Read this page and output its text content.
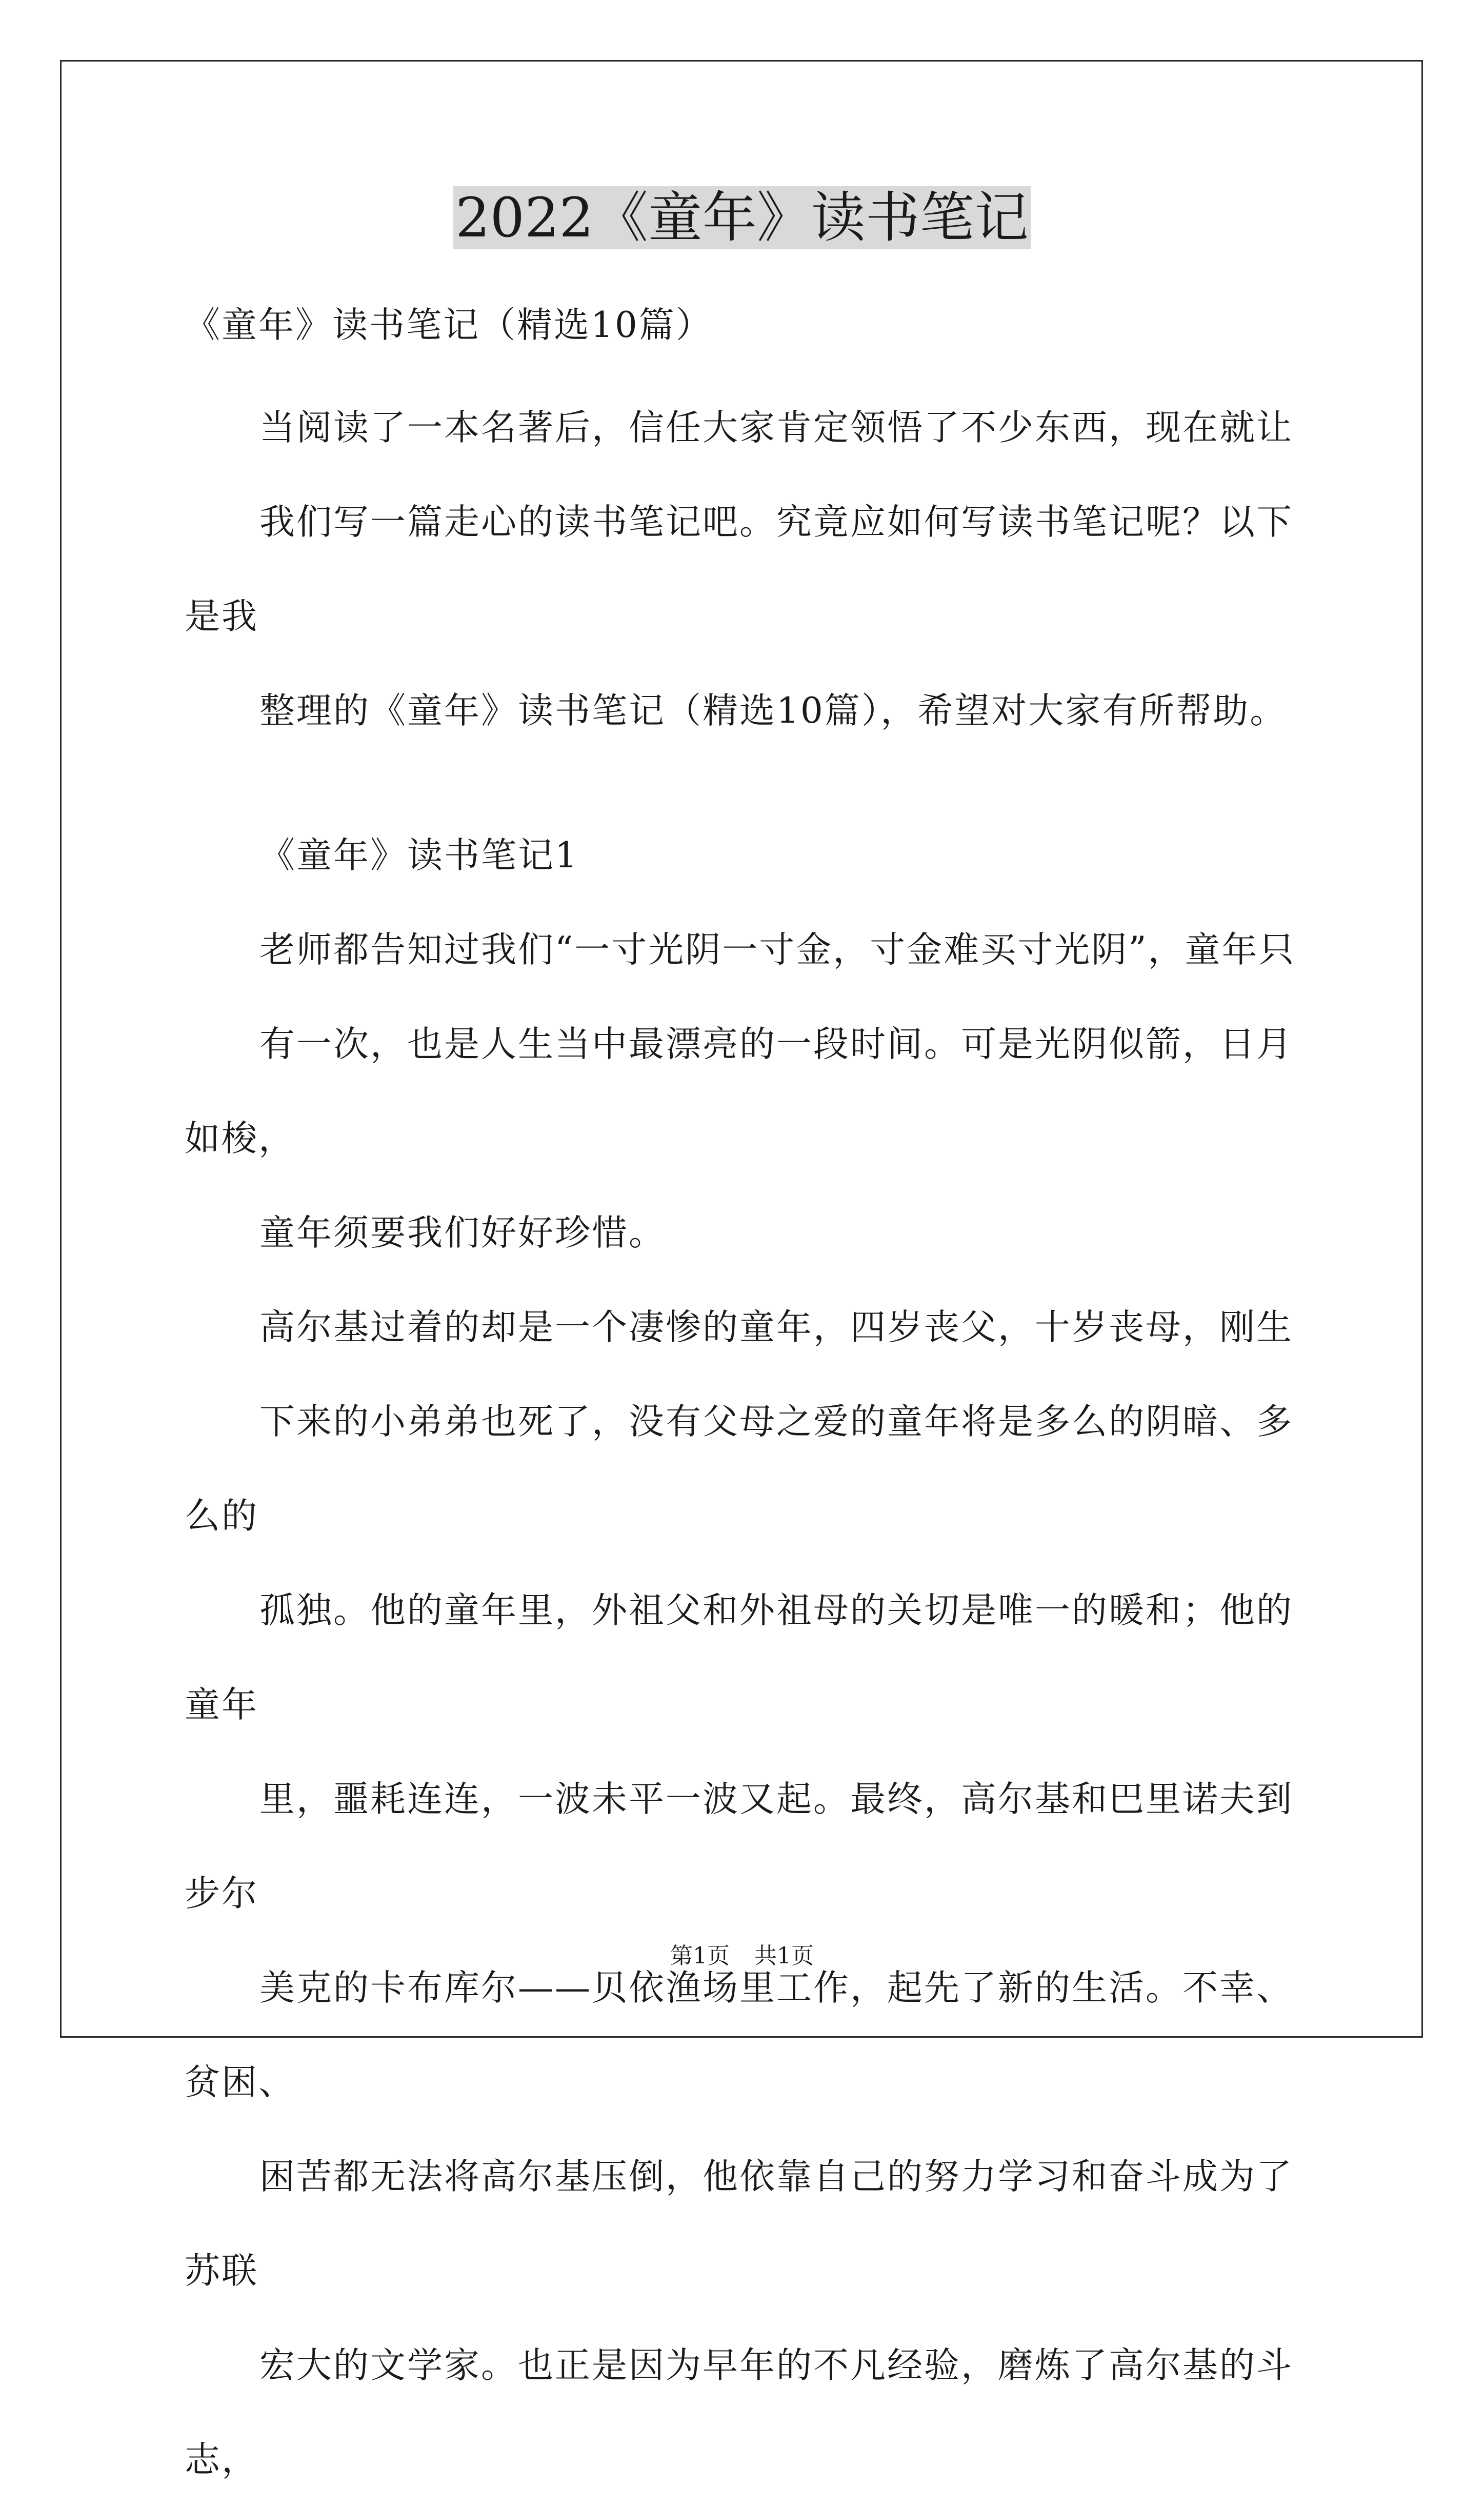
2022《童年》读书笔记

《童年》读书笔记（精选10篇）

当阅读了一本名著后，信任大家肯定领悟了不少东西，现在就让
我们写一篇走心的读书笔记吧。究竟应如何写读书笔记呢？以下是我
整理的《童年》读书笔记（精选10篇），希望对大家有所帮助。

《童年》读书笔记1

老师都告知过我们“一寸光阴一寸金，寸金难买寸光阴”，童年只
有一次，也是人生当中最漂亮的一段时间。可是光阴似箭，日月如梭，
童年须要我们好好珍惜。

高尔基过着的却是一个凄惨的童年，四岁丧父，十岁丧母，刚生
下来的小弟弟也死了，没有父母之爱的童年将是多么的阴暗、多么的
孤独。他的童年里，外祖父和外祖母的关切是唯一的暖和；他的童年
里，噩耗连连，一波未平一波又起。最终，高尔基和巴里诺夫到步尔
美克的卡布库尔——贝依渔场里工作，起先了新的生活。不幸、贫困、
困苦都无法将高尔基压倒，他依靠自己的努力学习和奋斗成为了苏联
宏大的文学家。也正是因为早年的不凡经验，磨炼了高尔基的斗志，

第1页 共1页
